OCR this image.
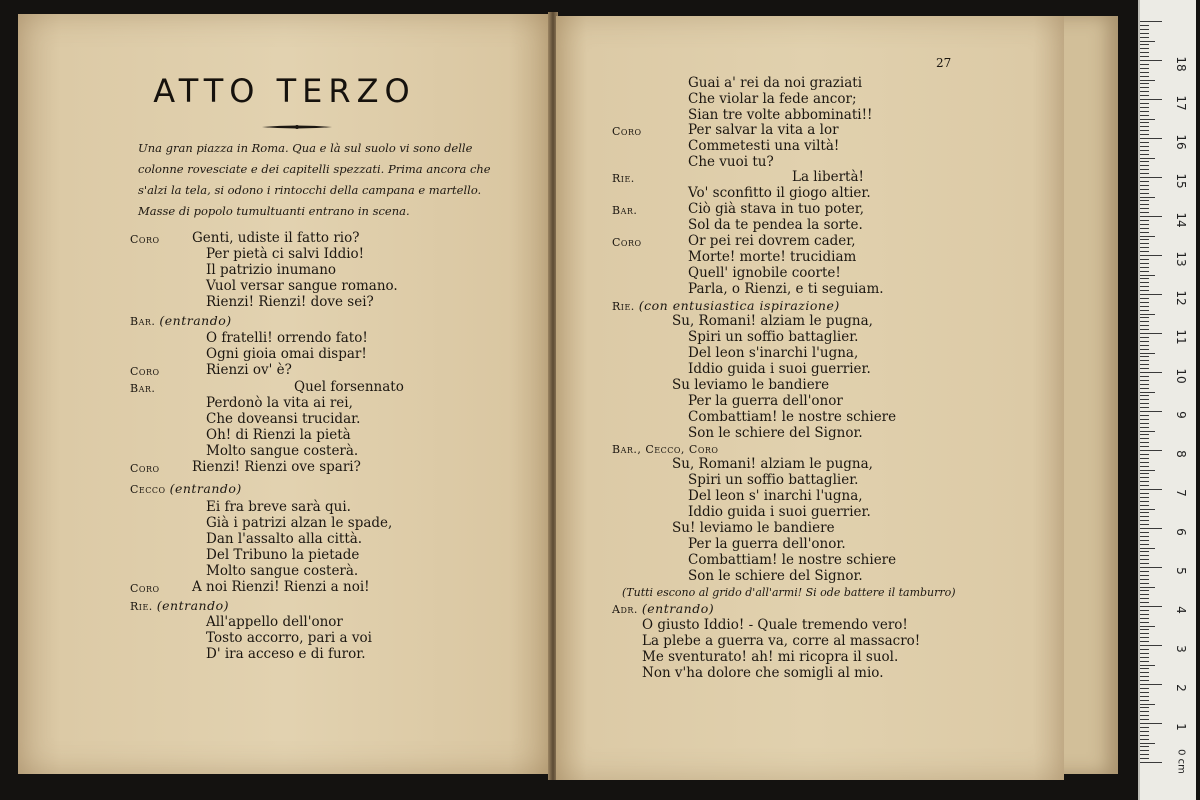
ATTO TERZO
Una gran piazza in Roma. Qua e là sul suolo vi sono delle
colonne rovesciate e dei capitelli spezzati. Prima ancora che
s'alzi la tela, si odono i rintocchi della campana e martello.
Masse di popolo tumultuanti entrano in scena.
Coro Genti, udiste il fatto rio?
Per pietà ci salvi Iddio!
Il patrizio inumano
Vuol versar sangue romano.
Rienzi! Rienzi! dove sei?
Bar. (entrando)
O fratelli! orrendo fato!
Ogni gioia omai dispar!
Coro	Rienzi ov' è?
Bar.	Quel forsennato
Perdonò la vita ai rei,
Che doveansi trucidar.
Oh! di Rienzi la pietà
Molto sangue costerà.
Coro Rienzi! Rienzi ove spari?
Cecco (entrando)
Ei fra breve sarà qui.
Già i patrizi alzan le spade,
Dan l'assalto alla città.
Del Tribuno la pietade
Molto sangue costerà.
Coro A noi Rienzi! Rienzi a noi!
Rie. (entrando)
All'appello dell'onor
Tosto accorro, pari a voi
D' ira acceso e di furor.
27
Guai a' rei da noi graziati
Che violar la fede ancor;
Sian tre volte abbominati!!
Coro	Per salvar la vita a lor
Commetesti una viltà!
Che vuoi tu?
Rie.	La libertà!
Vo' sconfitto il giogo altier.
Bar.	Ciò già stava in tuo poter,
Sol da te pendea la sorte.
Coro	Or pei rei dovrem cader,
Morte! morte! trucidiam
Quell' ignobile coorte!
Parla, o Rienzi, e ti seguiam.
Rie. (con entusiastica ispirazione)
Su, Romani! alziam le pugna,
Spiri un soffio battaglier.
Del leon s'inarchi l'ugna,
Iddio guida i suoi guerrier.
Su leviamo le bandiere
Per la guerra dell'onor
Combattiam! le nostre schiere
Son le schiere del Signor.
Bar., Cecco, Coro
Su, Romani! alziam le pugna,
Spiri un soffio battaglier.
Del leon s' inarchi l'ugna,
Iddio guida i suoi guerrier.
Su! leviamo le bandiere
Per la guerra dell'onor.
Combattiam! le nostre schiere
Son le schiere del Signor.
(Tutti escono al grido d'all'armi! Si ode battere il tamburro)
Adr. (entrando)
O giusto Iddio! - Quale tremendo vero!
La plebe a guerra va, corre al massacro!
Me sventurato! ah! mi ricopra il suol.
Non v'ha dolore che somigli al mio.
0 cm
1
2
3
4
5
6
7
8
9
10
11
12
13
14
15
16
17
18
